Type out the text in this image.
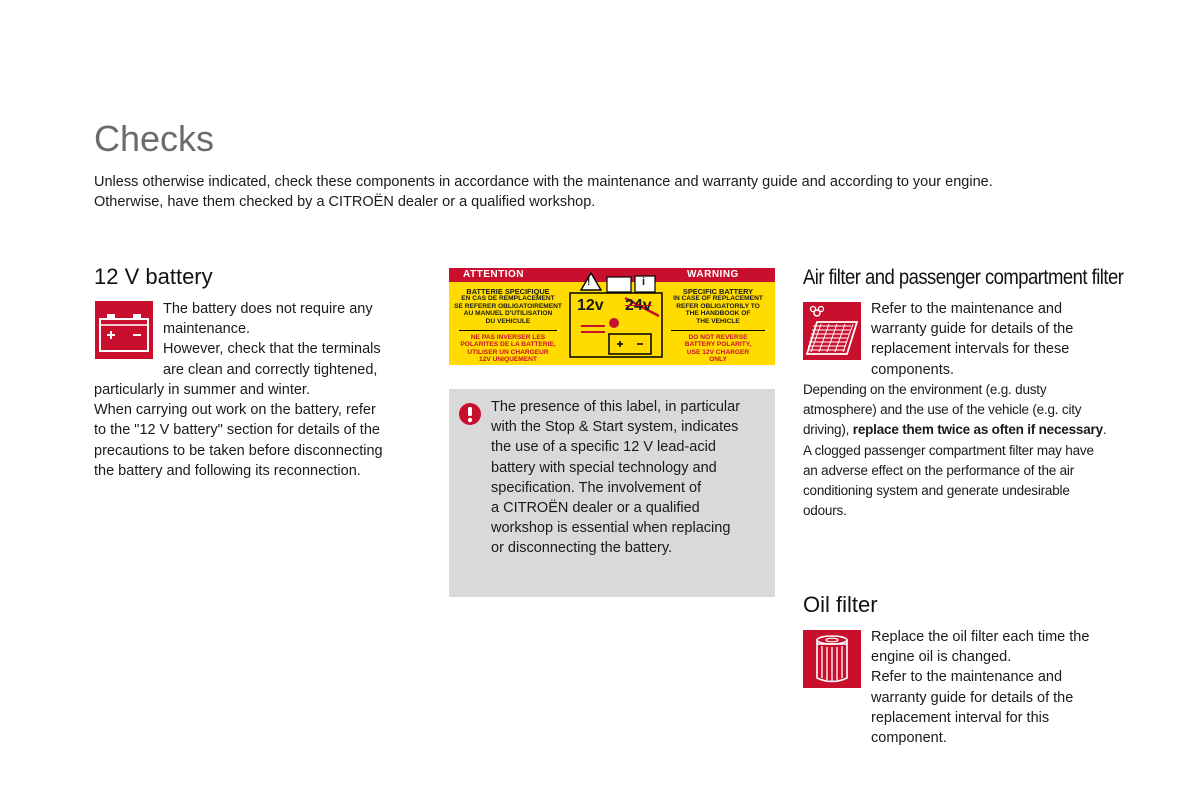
Checks

Unless otherwise indicated, check these components in accordance with the maintenance and warranty guide and according to your engine.

Otherwise, have them checked by a CITROËN dealer or a qualified workshop.

12 V battery

The battery does not require any

maintenance.

However, check that the terminals

are clean and correctly tightened,

particularly in summer and winter.

When carrying out work on the battery, refer

to the "12 V battery" section for details of the

precautions to be taken before disconnecting

the battery and following its reconnection.

ATTENTION	WARNING
!	i
12v 24v
BATTERIE SPECIFIQUE
EN CAS DE REMPLACEMENT
SE REFERER OBLIGATOIREMENT
AU MANUEL D'UTILISATION
DU VEHICULE
NE PAS INVERSER LES
POLARITES DE LA BATTERIE,
UTILISER UN CHARGEUR
12V UNIQUEMENT
SPECIFIC BATTERY
IN CASE OF REPLACEMENT
REFER OBLIGATORILY TO
THE HANDBOOK OF
THE VEHICLE
DO NOT REVERSE
BATTERY POLARITY,
USE 12V CHARGER
ONLY

The presence of this label, in particular

with the Stop & Start system, indicates

the use of a specific 12 V lead-acid

battery with special technology and

specification. The involvement of

a CITROËN dealer or a qualified

workshop is essential when replacing

or disconnecting the battery.

Air filter and passenger compartment filter

Refer to the maintenance and

warranty guide for details of the

replacement intervals for these

components.

Depending on the environment (e.g. dusty

atmosphere) and the use of the vehicle (e.g. city

driving), replace them twice as often if necessary.

A clogged passenger compartment filter may have

an adverse effect on the performance of the air

conditioning system and generate undesirable

odours.

Oil filter

Replace the oil filter each time the

engine oil is changed.

Refer to the maintenance and

warranty guide for details of the

replacement interval for this

component.
